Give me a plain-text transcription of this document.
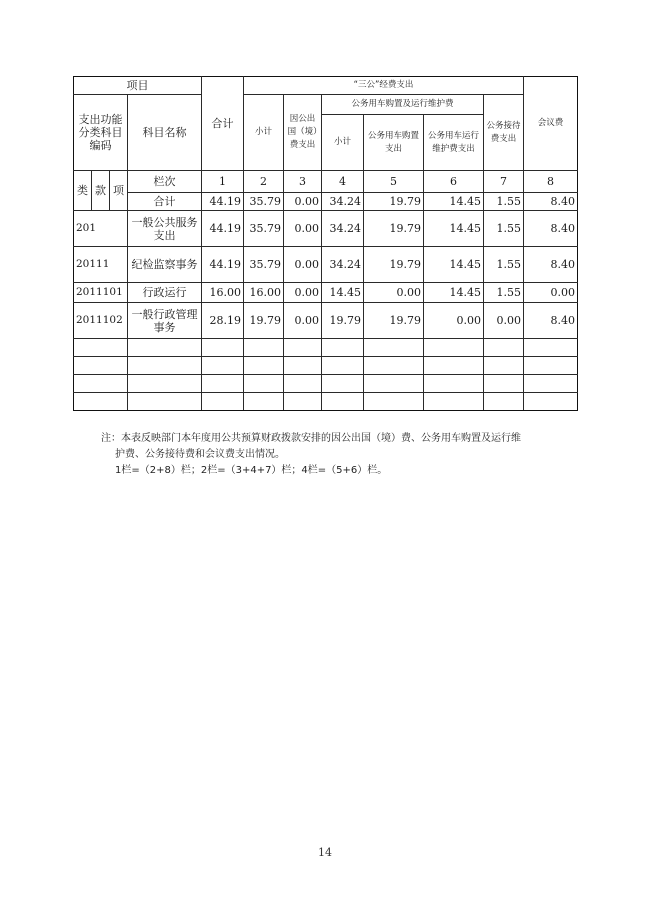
项目				合计	“三公”经费支出						会议费
支出功能分类科目编码			科目名称		小计	因公出国（境）费支出	公务用车购置及运行维护费			公务接待费支出	
							小计	公务用车购置支出	公务用车运行维护费支出		
类	款	项	栏次	1	2	3	4	5	6	7	8
			合计	44.19	35.79	0.00	34.24	19.79	14.45	1.55	8.40
201			一般公共服务支出	44.19	35.79	0.00	34.24	19.79	14.45	1.55	8.40
20111			纪检监察事务	44.19	35.79	0.00	34.24	19.79	14.45	1.55	8.40
2011101			行政运行	16.00	16.00	0.00	14.45	0.00	14.45	1.55	0.00
2011102			一般行政管理事务	28.19	19.79	0.00	19.79	19.79	0.00	0.00	8.40

注：本表反映部门本年度用公共预算财政拨款安排的因公出国（境）费、公务用车购置及运行维
护费、公务接待费和会议费支出情况。
1栏=（2+8）栏；2栏=（3+4+7）栏；4栏=（5+6）栏。
14
